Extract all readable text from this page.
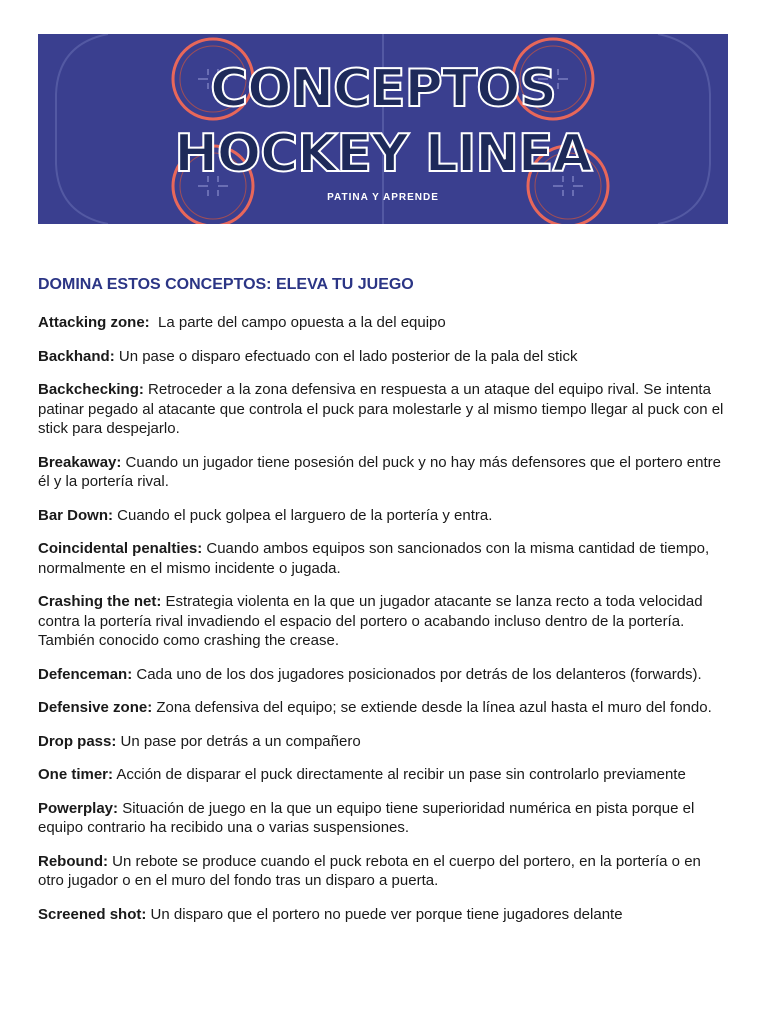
CONCEPTOS
HOCKEY LINEA
PATINA Y APRENDE
DOMINA ESTOS CONCEPTOS: ELEVA TU JUEGO
Attacking zone:  La parte del campo opuesta a la del equipo
Backhand: Un pase o disparo efectuado con el lado posterior de la pala del stick
Backchecking: Retroceder a la zona defensiva en respuesta a un ataque del equipo rival. Se intenta patinar pegado al atacante que controla el puck para molestarle y al mismo tiempo llegar al puck con el stick para despejarlo.
Breakaway: Cuando un jugador tiene posesión del puck y no hay más defensores que el portero entre él y la portería rival.
Bar Down: Cuando el puck golpea el larguero de la portería y entra.
Coincidental penalties: Cuando ambos equipos son sancionados con la misma cantidad de tiempo, normalmente en el mismo incidente o jugada.
Crashing the net: Estrategia violenta en la que un jugador atacante se lanza recto a toda velocidad contra la portería rival invadiendo el espacio del portero o acabando incluso dentro de la portería. También conocido como crashing the crease.
Defenceman: Cada uno de los dos jugadores posicionados por detrás de los delanteros (forwards).
Defensive zone: Zona defensiva del equipo; se extiende desde la línea azul hasta el muro del fondo.
Drop pass: Un pase por detrás a un compañero
One timer: Acción de disparar el puck directamente al recibir un pase sin controlarlo previamente
Powerplay: Situación de juego en la que un equipo tiene superioridad numérica en pista porque el equipo contrario ha recibido una o varias suspensiones.
Rebound: Un rebote se produce cuando el puck rebota en el cuerpo del portero, en la portería o en otro jugador o en el muro del fondo tras un disparo a puerta.
Screened shot: Un disparo que el portero no puede ver porque tiene jugadores delante
